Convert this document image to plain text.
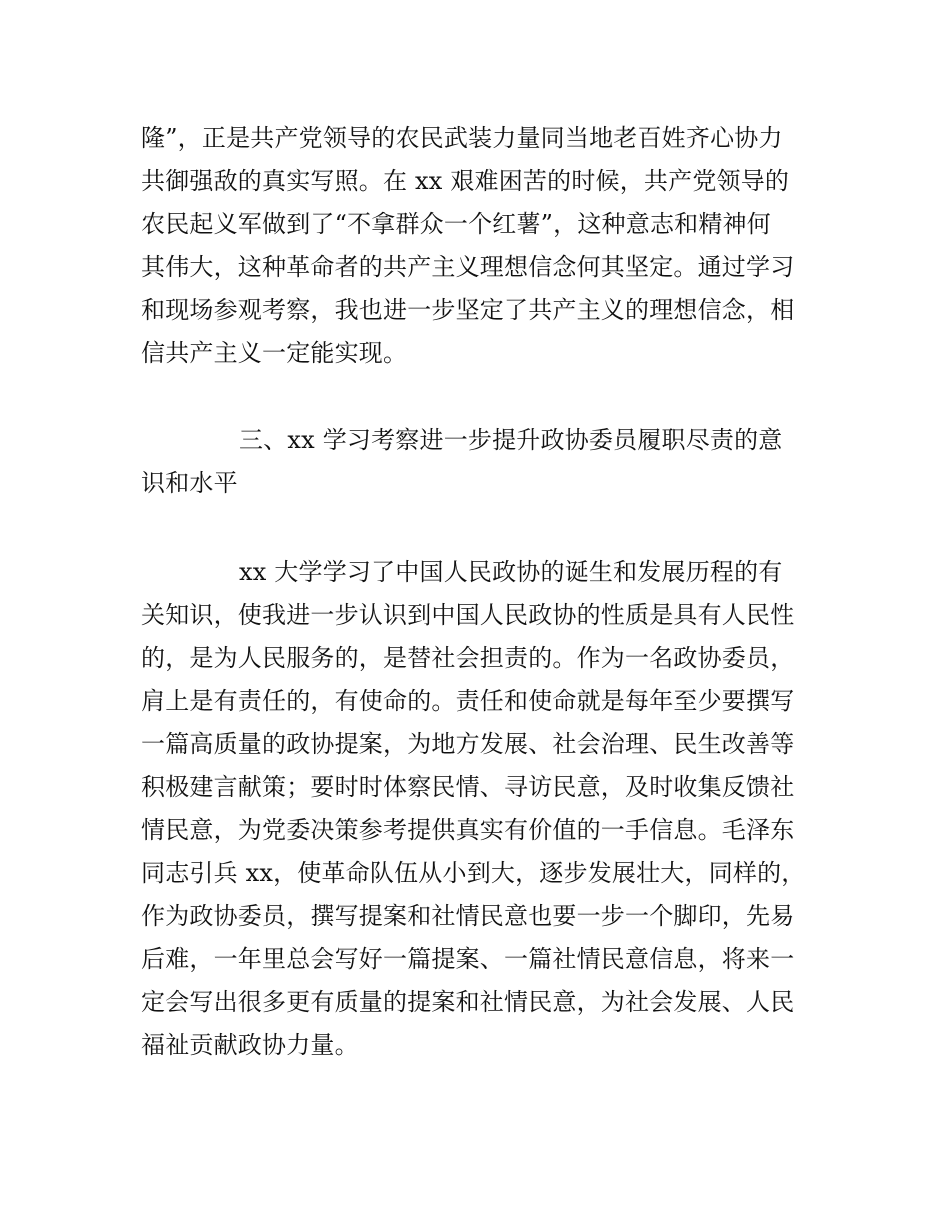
隆”，正是共产党领导的农民武装力量同当地老百姓齐心协力
共御强敌的真实写照。在 xx 艰难困苦的时候，共产党领导的
农民起义军做到了“不拿群众一个红薯”，这种意志和精神何
其伟大，这种革命者的共产主义理想信念何其坚定。通过学习
和现场参观考察，我也进一步坚定了共产主义的理想信念，相
信共产主义一定能实现。
三、xx 学习考察进一步提升政协委员履职尽责的意
识和水平
xx 大学学习了中国人民政协的诞生和发展历程的有
关知识，使我进一步认识到中国人民政协的性质是具有人民性
的，是为人民服务的，是替社会担责的。作为一名政协委员，
肩上是有责任的，有使命的。责任和使命就是每年至少要撰写
一篇高质量的政协提案，为地方发展、社会治理、民生改善等
积极建言献策；要时时体察民情、寻访民意，及时收集反馈社
情民意，为党委决策参考提供真实有价值的一手信息。毛泽东
同志引兵 xx，使革命队伍从小到大，逐步发展壮大，同样的，
作为政协委员，撰写提案和社情民意也要一步一个脚印，先易
后难，一年里总会写好一篇提案、一篇社情民意信息，将来一
定会写出很多更有质量的提案和社情民意，为社会发展、人民
福祉贡献政协力量。
